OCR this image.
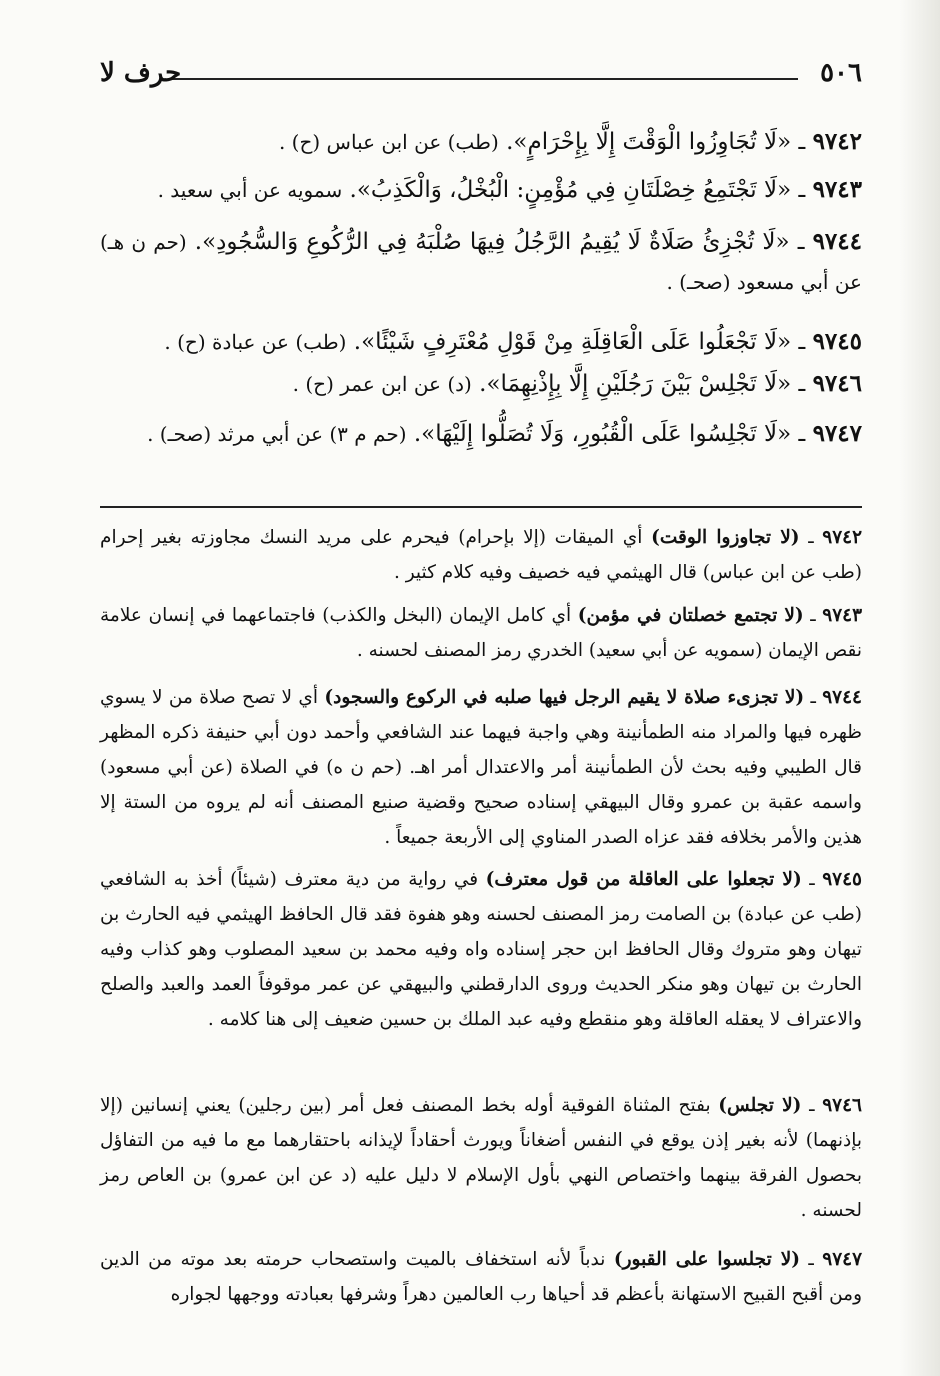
٥٠٦
حرف لا
٩٧٤٢ ـ «لَا تُجَاوِزُوا الْوَقْتَ إِلَّا بِإِحْرَامٍ». (طب) عن ابن عباس (ح) .
٩٧٤٣ ـ «لَا تَجْتَمِعُ خِصْلَتَانِ فِي مُؤْمِنٍ: الْبُخْلُ، وَالْكَذِبُ». سمويه عن أبي سعيد .
٩٧٤٤ ـ «لَا تُجْزِئُ صَلَاةٌ لَا يُقِيمُ الرَّجُلُ فِيهَا صُلْبَهُ فِي الرُّكُوعِ وَالسُّجُودِ». (حم ن هـ) عن أبي مسعود (صحـ) .
٩٧٤٥ ـ «لَا تَجْعَلُوا عَلَى الْعَاقِلَةِ مِنْ قَوْلِ مُعْتَرِفٍ شَيْئًا». (طب) عن عبادة (ح) .
٩٧٤٦ ـ «لَا تَجْلِسْ بَيْنَ رَجُلَيْنِ إِلَّا بِإِذْنِهِمَا». (د) عن ابن عمر (ح) .
٩٧٤٧ ـ «لَا تَجْلِسُوا عَلَى الْقُبُورِ، وَلَا تُصَلُّوا إِلَيْهَا». (حم م ٣) عن أبي مرثد (صحـ) .
٩٧٤٢ ـ (لا تجاوزوا الوقت) أي الميقات (إلا بإحرام) فيحرم على مريد النسك مجاوزته بغير إحرام (طب عن ابن عباس) قال الهيثمي فيه خصيف وفيه كلام كثير .
٩٧٤٣ ـ (لا تجتمع خصلتان في مؤمن) أي كامل الإيمان (البخل والكذب) فاجتماعهما في إنسان علامة نقص الإيمان (سمويه عن أبي سعيد) الخدري رمز المصنف لحسنه .
٩٧٤٤ ـ (لا تجزىء صلاة لا يقيم الرجل فيها صلبه في الركوع والسجود) أي لا تصح صلاة من لا يسوي ظهره فيها والمراد منه الطمأنينة وهي واجبة فيهما عند الشافعي وأحمد دون أبي حنيفة ذكره المظهر قال الطيبي وفيه بحث لأن الطمأنينة أمر والاعتدال أمر اهـ. (حم ن ه) في الصلاة (عن أبي مسعود) واسمه عقبة بن عمرو وقال البيهقي إسناده صحيح وقضية صنيع المصنف أنه لم يروه من الستة إلا هذين والأمر بخلافه فقد عزاه الصدر المناوي إلى الأربعة جميعاً .
٩٧٤٥ ـ (لا تجعلوا على العاقلة من قول معترف) في رواية من دية معترف (شيئاً) أخذ به الشافعي (طب عن عبادة) بن الصامت رمز المصنف لحسنه وهو هفوة فقد قال الحافظ الهيثمي فيه الحارث بن تيهان وهو متروك وقال الحافظ ابن حجر إسناده واه وفيه محمد بن سعيد المصلوب وهو كذاب وفيه الحارث بن تيهان وهو منكر الحديث وروى الدارقطني والبيهقي عن عمر موقوفاً العمد والعبد والصلح والاعتراف لا يعقله العاقلة وهو منقطع وفيه عبد الملك بن حسين ضعيف إلى هنا كلامه .
٩٧٤٦ ـ (لا تجلس) بفتح المثناة الفوقية أوله بخط المصنف فعل أمر (بين رجلين) يعني إنسانين (إلا بإذنهما) لأنه بغير إذن يوقع في النفس أضغاناً ويورث أحقاداً لإيذانه باحتقارهما مع ما فيه من التفاؤل بحصول الفرقة بينهما واختصاص النهي بأول الإسلام لا دليل عليه (د عن ابن عمرو) بن العاص رمز لحسنه .
٩٧٤٧ ـ (لا تجلسوا على القبور) ندباً لأنه استخفاف بالميت واستصحاب حرمته بعد موته من الدين ومن أقبح القبيح الاستهانة بأعظم قد أحياها رب العالمين دهراً وشرفها بعبادته ووجهها لجواره
